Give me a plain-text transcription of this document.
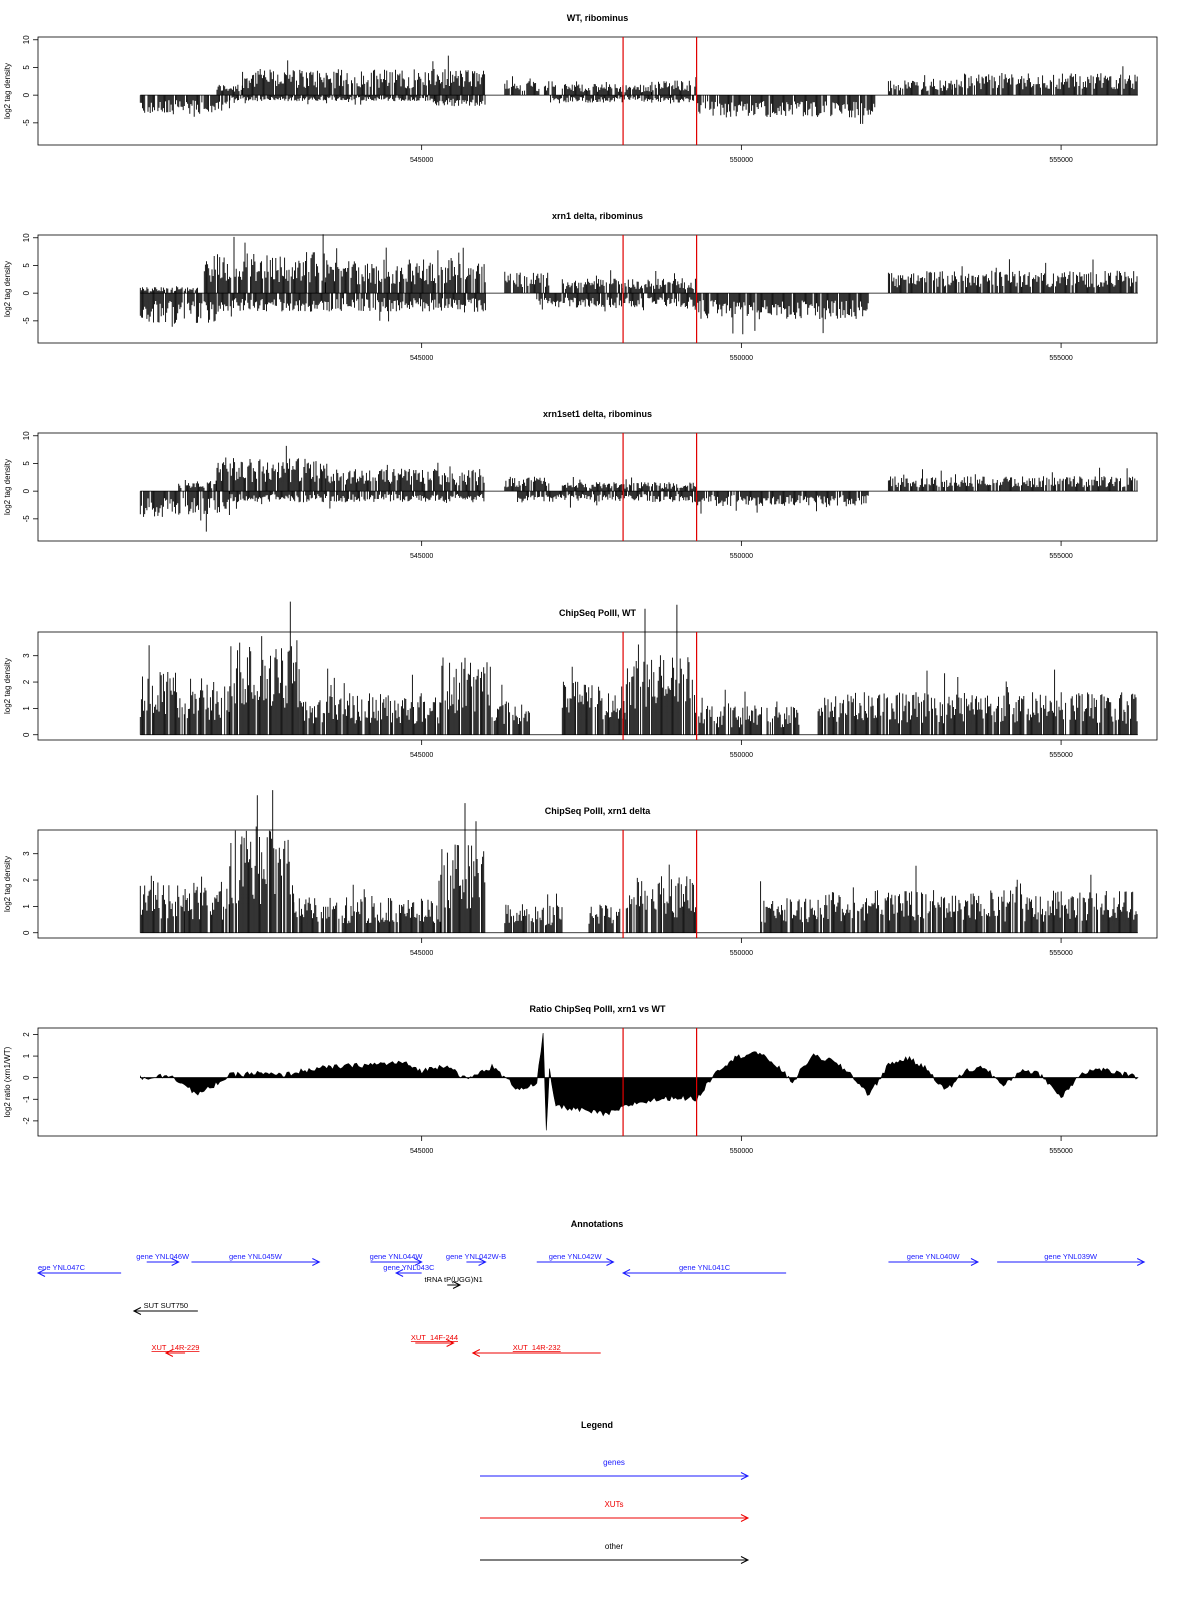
WT, ribominus
-5
0
5
10
log2 tag density
545000	550000	555000
xrn1 delta, ribominus
-5
0
5
10
log2 tag density
545000	550000	555000
xrn1set1 delta, ribominus
-5
0
5
10
log2 tag density
545000	550000	555000
ChipSeq PolII, WT
0
1
2
3
log2 tag density
545000	550000	555000
ChipSeq PolII, xrn1 delta
0
1
2
3
log2 tag density
545000	550000	555000
Ratio ChipSeq PolII, xrn1 vs WT
-2
-1
0
1
2
log2 ratio (xrn1/WT)
545000	550000	555000
Annotations
ene YNL047C
gene YNL046W	gene YNL045W	gene YNL044W
gene YNL043C
gene YNL042W-B	gene YNL042W
gene YNL041C
gene YNL040W	gene YNL039W
tRNA tP(UGG)N1
SUT SUT750
XUT_14R-229
XUT_14F-244
XUT_14R-232
Legend
genes
XUTs
other
